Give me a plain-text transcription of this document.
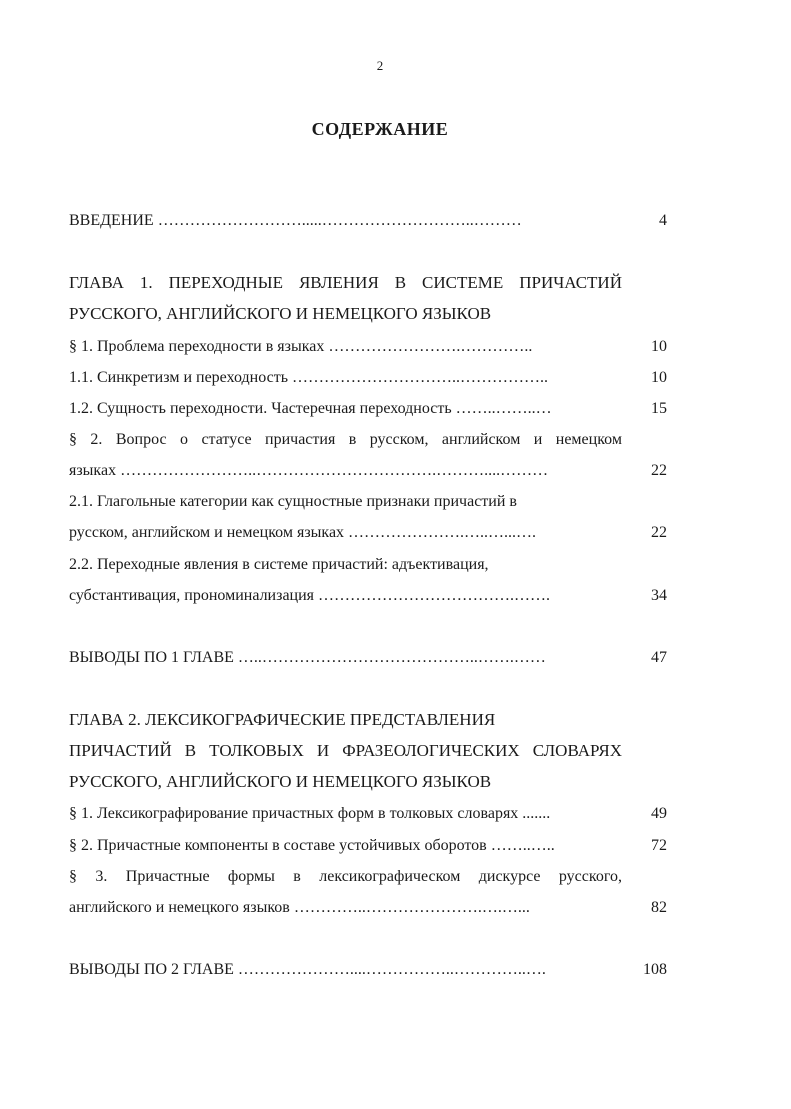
2
СОДЕРЖАНИЕ
ВВЕДЕНИЕ ……………………….....………………………..………	4
ГЛАВА 1. ПЕРЕХОДНЫЕ ЯВЛЕНИЯ В СИСТЕМЕ ПРИЧАСТИЙ
РУССКОГО, АНГЛИЙСКОГО И НЕМЕЦКОГО ЯЗЫКОВ
§ 1. Проблема переходности в языках …………………….…………..	10
1.1. Синкретизм и переходность …………………………..……………..	10
1.2. Сущность переходности. Частеречная переходность ……..……..…	15
§ 2. Вопрос о статусе причастия в русском, английском и немецком
языках ……………………..…………………………….………....………	22
2.1. Глагольные категории как сущностные признаки причастий в
русском, английском и немецком языках ………………….…..…...….	22
2.2. Переходные явления в системе причастий: адъективация,
субстантивация, прономинализация ……………………………….…….	34
ВЫВОДЫ ПО 1 ГЛАВЕ …..…………………………………..…….……	47
ГЛАВА 2. ЛЕКСИКОГРАФИЧЕСКИЕ ПРЕДСТАВЛЕНИЯ
ПРИЧАСТИЙ В ТОЛКОВЫХ И ФРАЗЕОЛОГИЧЕСКИХ СЛОВАРЯХ
РУССКОГО, АНГЛИЙСКОГО И НЕМЕЦКОГО ЯЗЫКОВ
§ 1. Лексикографирование причастных форм в толковых словарях .......	49
§ 2. Причастные компоненты в составе устойчивых оборотов ……..…..	72
§ 3. Причастные формы в лексикографическом дискурсе русского,
английского и немецкого языков …………..………………….….…...	82
ВЫВОДЫ ПО 2 ГЛАВЕ …………………....……………..…………..….	108
